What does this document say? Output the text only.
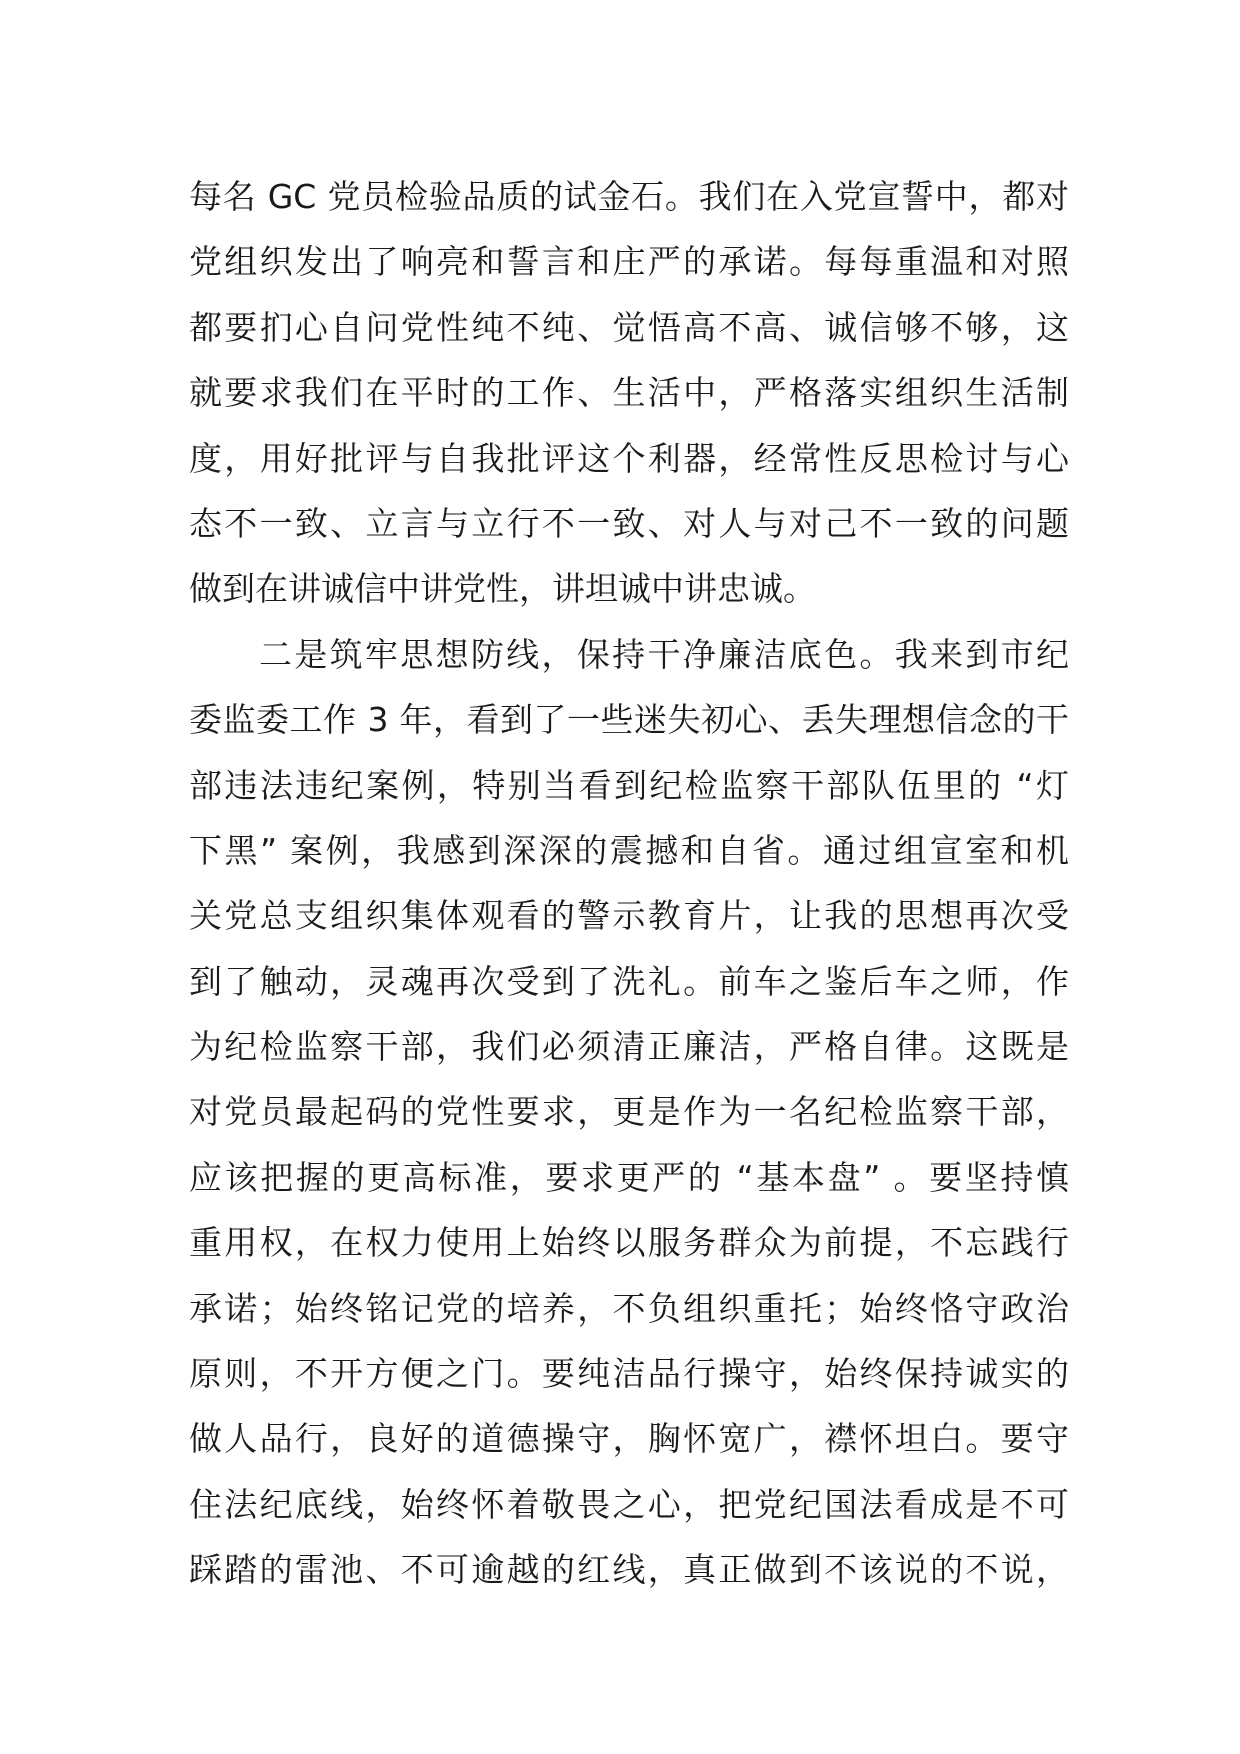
每名 GC 党员检验品质的试金石。我们在入党宣誓中，都对
党组织发出了响亮和誓言和庄严的承诺。每每重温和对照
都要扪心自问党性纯不纯、觉悟高不高、诚信够不够，这
就要求我们在平时的工作、生活中，严格落实组织生活制
度，用好批评与自我批评这个利器，经常性反思检讨与心
态不一致、立言与立行不一致、对人与对己不一致的问题
做到在讲诚信中讲党性，讲坦诚中讲忠诚。
二是筑牢思想防线，保持干净廉洁底色。我来到市纪
委监委工作 3 年，看到了一些迷失初心、丢失理想信念的干
部违法违纪案例，特别当看到纪检监察干部队伍里的 “灯
下黑” 案例，我感到深深的震撼和自省。通过组宣室和机
关党总支组织集体观看的警示教育片，让我的思想再次受
到了触动，灵魂再次受到了洗礼。前车之鉴后车之师，作
为纪检监察干部，我们必须清正廉洁，严格自律。这既是
对党员最起码的党性要求，更是作为一名纪检监察干部，
应该把握的更高标准，要求更严的 “基本盘” 。要坚持慎
重用权，在权力使用上始终以服务群众为前提，不忘践行
承诺；始终铭记党的培养，不负组织重托；始终恪守政治
原则，不开方便之门。要纯洁品行操守，始终保持诚实的
做人品行，良好的道德操守，胸怀宽广，襟怀坦白。要守
住法纪底线，始终怀着敬畏之心，把党纪国法看成是不可
踩踏的雷池、不可逾越的红线，真正做到不该说的不说，
